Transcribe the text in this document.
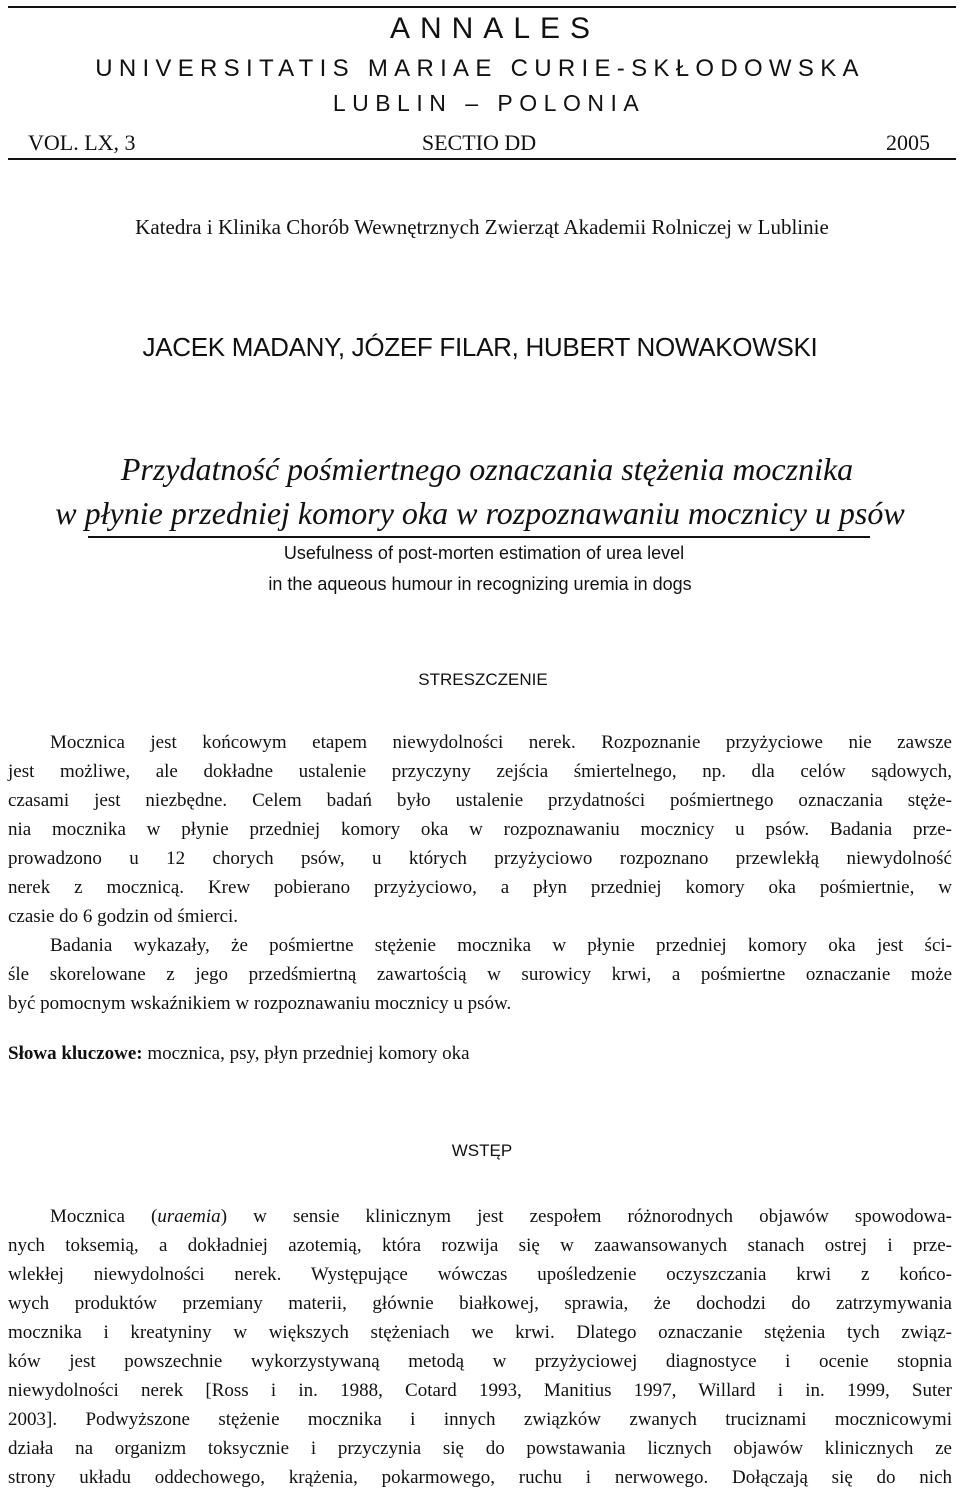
ANNALES
UNIVERSITATIS MARIAE CURIE-SKŁODOWSKA
LUBLIN – POLONIA
VOL. LX, 3	SECTIO DD	2005
Katedra i Klinika Chorób Wewnętrznych Zwierząt Akademii Rolniczej w Lublinie
JACEK MADANY, JÓZEF FILAR, HUBERT NOWAKOWSKI
Przydatność pośmiertnego oznaczania stężenia mocznika
w płynie przedniej komory oka w rozpoznawaniu mocznicy u psów
Usefulness of post-morten estimation of urea level
in the aqueous humour in recognizing uremia in dogs
STRESZCZENIE
Mocznica jest końcowym etapem niewydolności nerek. Rozpoznanie przyżyciowe nie zawsze
jest możliwe, ale dokładne ustalenie przyczyny zejścia śmiertelnego, np. dla celów sądowych,
czasami jest niezbędne. Celem badań było ustalenie przydatności pośmiertnego oznaczania stęże-
nia mocznika w płynie przedniej komory oka w rozpoznawaniu mocznicy u psów. Badania prze-
prowadzono u 12 chorych psów, u których przyżyciowo rozpoznano przewlekłą niewydolność
nerek z mocznicą. Krew pobierano przyżyciowo, a płyn przedniej komory oka pośmiertnie, w
czasie do 6 godzin od śmierci.
Badania wykazały, że pośmiertne stężenie mocznika w płynie przedniej komory oka jest ści-
śle skorelowane z jego przedśmiertną zawartością w surowicy krwi, a pośmiertne oznaczanie może
być pomocnym wskaźnikiem w rozpoznawaniu mocznicy u psów.
Słowa kluczowe: mocznica, psy, płyn przedniej komory oka
WSTĘP
Mocznica (uraemia) w sensie klinicznym jest zespołem różnorodnych objawów spowodowa-
nych toksemią, a dokładniej azotemią, która rozwija się w zaawansowanych stanach ostrej i prze-
wlekłej niewydolności nerek. Występujące wówczas upośledzenie oczyszczania krwi z końco-
wych produktów przemiany materii, głównie białkowej, sprawia, że dochodzi do zatrzymywania
mocznika i kreatyniny w większych stężeniach we krwi. Dlatego oznaczanie stężenia tych związ-
ków jest powszechnie wykorzystywaną metodą w przyżyciowej diagnostyce i ocenie stopnia
niewydolności nerek [Ross i in. 1988, Cotard 1993, Manitius 1997, Willard i in. 1999, Suter
2003]. Podwyższone stężenie mocznika i innych związków zwanych truciznami mocznicowymi
działa na organizm toksycznie i przyczynia się do powstawania licznych objawów klinicznych ze
strony układu oddechowego, krążenia, pokarmowego, ruchu i nerwowego. Dołączają się do nich
